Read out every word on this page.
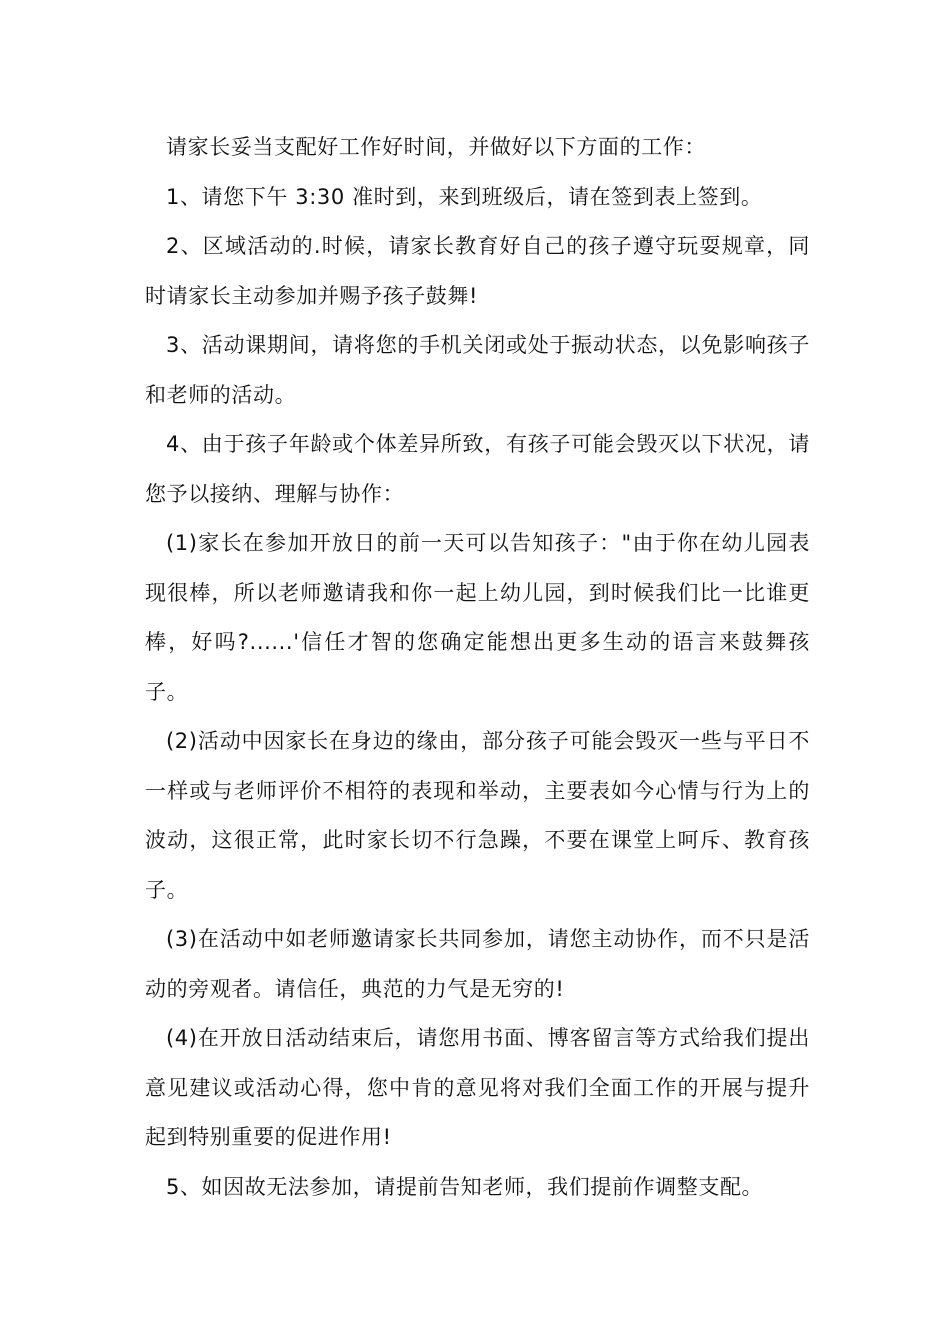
请家长妥当支配好工作好时间，并做好以下方面的工作：

1、请您下午 3:30 准时到，来到班级后，请在签到表上签到。

2、区域活动的.时候，请家长教育好自己的孩子遵守玩耍规章，同时请家长主动参加并赐予孩子鼓舞!

3、活动课期间，请将您的手机关闭或处于振动状态，以免影响孩子和老师的活动。

4、由于孩子年龄或个体差异所致，有孩子可能会毁灭以下状况，请您予以接纳、理解与协作：

(1)家长在参加开放日的前一天可以告知孩子："由于你在幼儿园表现很棒，所以老师邀请我和你一起上幼儿园，到时候我们比一比谁更棒，好吗?......'信任才智的您确定能想出更多生动的语言来鼓舞孩子。

(2)活动中因家长在身边的缘由，部分孩子可能会毁灭一些与平日不一样或与老师评价不相符的表现和举动，主要表如今心情与行为上的波动，这很正常，此时家长切不行急躁，不要在课堂上呵斥、教育孩子。

(3)在活动中如老师邀请家长共同参加，请您主动协作，而不只是活动的旁观者。请信任，典范的力气是无穷的!

(4)在开放日活动结束后，请您用书面、博客留言等方式给我们提出意见建议或活动心得，您中肯的意见将对我们全面工作的开展与提升起到特别重要的促进作用!

5、如因故无法参加，请提前告知老师，我们提前作调整支配。
